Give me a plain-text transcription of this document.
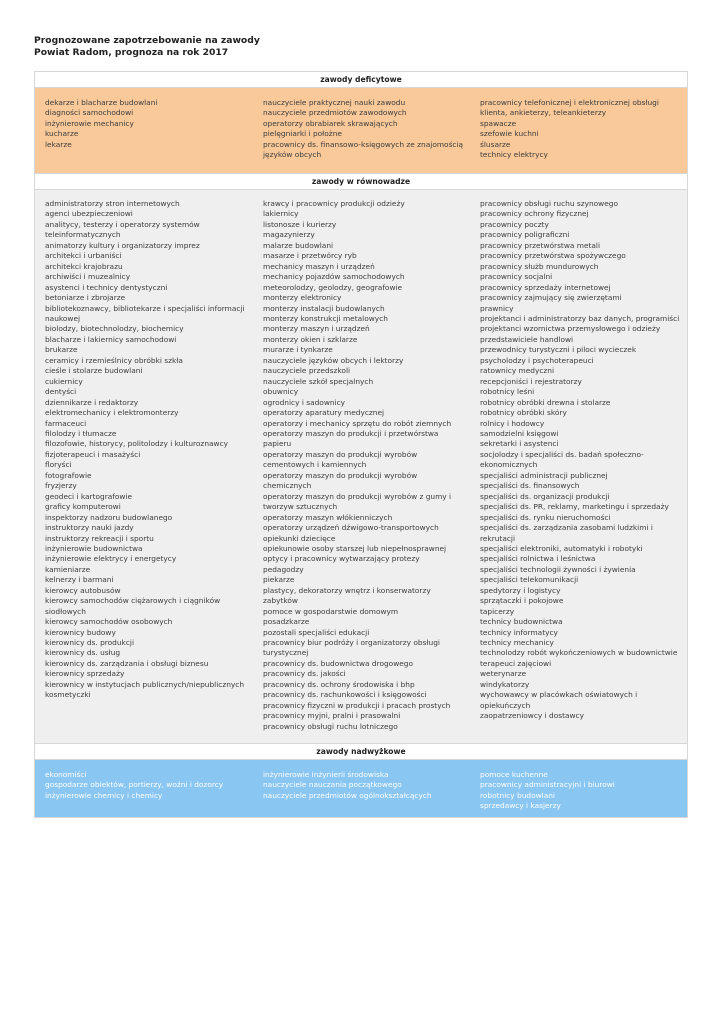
Prognozowane zapotrzebowanie na zawody
Powiat Radom, prognoza na rok 2017
zawody deficytowe
dekarze i blacharze budowlani
diagności samochodowi
inżynierowie mechanicy
kucharze
lekarze
nauczyciele praktycznej nauki zawodu
nauczyciele przedmiotów zawodowych
operatorzy obrabiarek skrawających
pielęgniarki i położne
pracownicy ds. finansowo-księgowych ze znajomością
języków obcych
pracownicy telefonicznej i elektronicznej obsługi
klienta, ankieterzy, teleankieterzy
spawacze
szefowie kuchni
ślusarze
technicy elektrycy
zawody w równowadze
administratorzy stron internetowych
agenci ubezpieczeniowi
analitycy, testerzy i operatorzy systemów
teleinformatycznych
animatorzy kultury i organizatorzy imprez
architekci i urbaniści
architekci krajobrazu
archiwiści i muzealnicy
asystenci i technicy dentystyczni
betoniarze i zbrojarze
bibliotekoznawcy, bibliotekarze i specjaliści informacji
naukowej
biolodzy, biotechnolodzy, biochemicy
blacharze i lakiernicy samochodowi
brukarze
ceramicy i rzemieślnicy obróbki szkła
cieśle i stolarze budowlani
cukiernicy
dentyści
dziennikarze i redaktorzy
elektromechanicy i elektromonterzy
farmaceuci
filolodzy i tłumacze
filozofowie, historycy, politolodzy i kulturoznawcy
fizjoterapeuci i masażyści
floryści
fotografowie
fryzjerzy
geodeci i kartografowie
graficy komputerowi
inspektorzy nadzoru budowlanego
instruktorzy nauki jazdy
instruktorzy rekreacji i sportu
inżynierowie budownictwa
inżynierowie elektrycy i energetycy
kamieniarze
kelnerzy i barmani
kierowcy autobusów
kierowcy samochodów ciężarowych i ciągników
siodłowych
kierowcy samochodów osobowych
kierownicy budowy
kierownicy ds. produkcji
kierownicy ds. usług
kierownicy ds. zarządzania i obsługi biznesu
kierownicy sprzedaży
kierownicy w instytucjach publicznych/niepublicznych
kosmetyczki
krawcy i pracownicy produkcji odzieży
lakiernicy
listonosze i kurierzy
magazynierzy
malarze budowlani
masarze i przetwórcy ryb
mechanicy maszyn i urządzeń
mechanicy pojazdów samochodowych
meteorolodzy, geolodzy, geografowie
monterzy elektronicy
monterzy instalacji budowlanych
monterzy konstrukcji metalowych
monterzy maszyn i urządzeń
monterzy okien i szklarze
murarze i tynkarze
nauczyciele języków obcych i lektorzy
nauczyciele przedszkoli
nauczyciele szkół specjalnych
obuwnicy
ogrodnicy i sadownicy
operatorzy aparatury medycznej
operatorzy i mechanicy sprzętu do robót ziemnych
operatorzy maszyn do produkcji i przetwórstwa
papieru
operatorzy maszyn do produkcji wyrobów
cementowych i kamiennych
operatorzy maszyn do produkcji wyrobów
chemicznych
operatorzy maszyn do produkcji wyrobów z gumy i
tworzyw sztucznych
operatorzy maszyn włókienniczych
operatorzy urządzeń dźwigowo-transportowych
opiekunki dziecięce
opiekunowie osoby starszej lub niepełnosprawnej
optycy i pracownicy wytwarzający protezy
pedagodzy
piekarze
plastycy, dekoratorzy wnętrz i konserwatorzy
zabytków
pomoce w gospodarstwie domowym
posadzkarze
pozostali specjaliści edukacji
pracownicy biur podróży i organizatorzy obsługi
turystycznej
pracownicy ds. budownictwa drogowego
pracownicy ds. jakości
pracownicy ds. ochrony środowiska i bhp
pracownicy ds. rachunkowości i księgowości
pracownicy fizyczni w produkcji i pracach prostych
pracownicy myjni, pralni i prasowalni
pracownicy obsługi ruchu lotniczego
pracownicy obsługi ruchu szynowego
pracownicy ochrony fizycznej
pracownicy poczty
pracownicy poligraficzni
pracownicy przetwórstwa metali
pracownicy przetwórstwa spożywczego
pracownicy służb mundurowych
pracownicy socjalni
pracownicy sprzedaży internetowej
pracownicy zajmujący się zwierzętami
prawnicy
projektanci i administratorzy baz danych, programiści
projektanci wzornictwa przemysłowego i odzieży
przedstawiciele handlowi
przewodnicy turystyczni i piloci wycieczek
psycholodzy i psychoterapeuci
ratownicy medyczni
recepcjoniści i rejestratorzy
robotnicy leśni
robotnicy obróbki drewna i stolarze
robotnicy obróbki skóry
rolnicy i hodowcy
samodzielni księgowi
sekretarki i asystenci
socjolodzy i specjaliści ds. badań społeczno-
ekonomicznych
specjaliści administracji publicznej
specjaliści ds. finansowych
specjaliści ds. organizacji produkcji
specjaliści ds. PR, reklamy, marketingu i sprzedaży
specjaliści ds. rynku nieruchomości
specjaliści ds. zarządzania zasobami ludzkimi i
rekrutacji
specjaliści elektroniki, automatyki i robotyki
specjaliści rolnictwa i leśnictwa
specjaliści technologii żywności i żywienia
specjaliści telekomunikacji
spedytorzy i logistycy
sprzątaczki i pokojowe
tapicerzy
technicy budownictwa
technicy informatycy
technicy mechanicy
technolodzy robót wykończeniowych w budownictwie
terapeuci zajęciowi
weterynarze
windykatorzy
wychowawcy w placówkach oświatowych i
opiekuńczych
zaopatrzeniowcy i dostawcy
zawody nadwyżkowe
ekonomiści
gospodarze obiektów, portierzy, woźni i dozorcy
inżynierowie chemicy i chemicy
inżynierowie inżynierii środowiska
nauczyciele nauczania początkowego
nauczyciele przedmiotów ogólnokształcących
pomoce kuchenne
pracownicy administracyjni i biurowi
robotnicy budowlani
sprzedawcy i kasjerzy
